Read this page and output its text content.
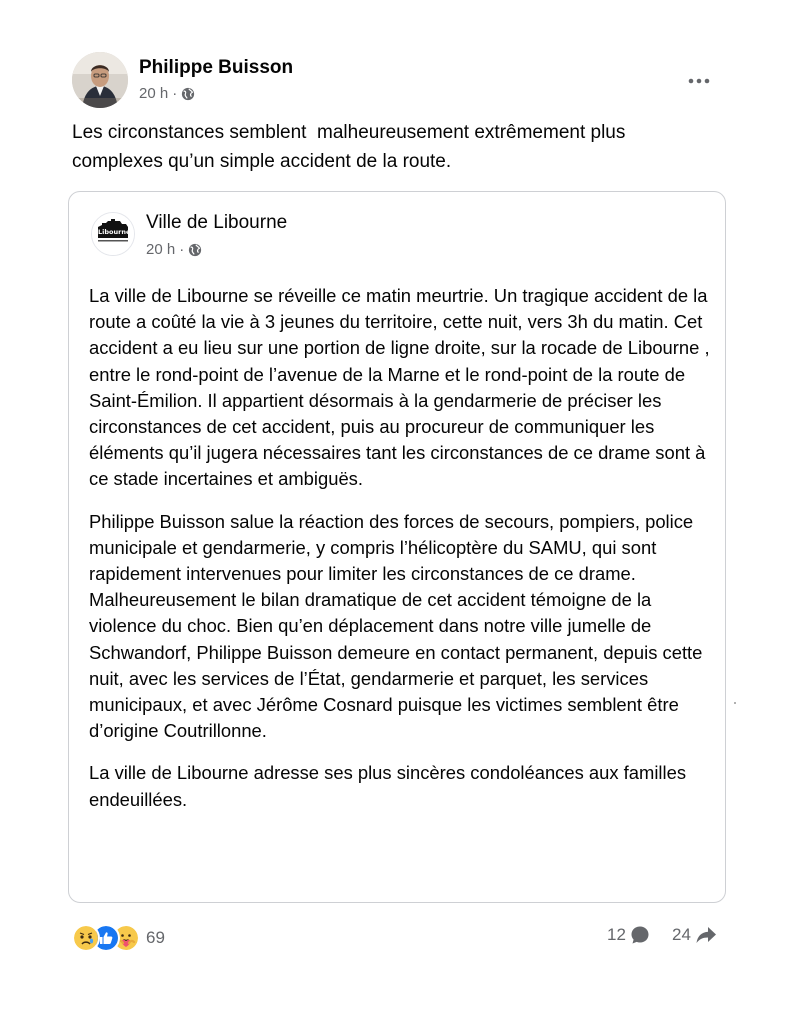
Philippe Buisson
20 h ·
Les circonstances semblent  malheureusement extrêmement plus
complexes qu’un simple accident de la route.
Libourne Ville de Libourne
20 h ·

La ville de Libourne se réveille ce matin meurtrie. Un tragique accident de la route a coûté la vie à 3 jeunes du territoire, cette nuit, vers 3h du matin. Cet accident a eu lieu sur une portion de ligne droite, sur la rocade de Libourne , entre le rond-point de l’avenue de la Marne et le rond-point de la route de Saint-Émilion. Il appartient désormais à la gendarmerie de préciser les circonstances de cet accident, puis au procureur de communiquer les éléments qu’il jugera nécessaires tant les circonstances de ce drame sont à ce stade incertaines et ambiguës.

Philippe Buisson salue la réaction des forces de secours, pompiers, police municipale et gendarmerie, y compris l’hélicoptère du SAMU, qui sont rapidement intervenues pour limiter les circonstances de ce drame. Malheureusement le bilan dramatique de cet accident témoigne de la violence du choc. Bien qu’en déplacement dans notre ville jumelle de Schwandorf, Philippe Buisson demeure en contact permanent, depuis cette nuit, avec les services de l’État, gendarmerie et parquet, les services municipaux, et avec Jérôme Cosnard puisque les victimes semblent être d’origine Coutrillonne.

La ville de Libourne adresse ses plus sincères condoléances aux familles endeuillées.

69	12	24
